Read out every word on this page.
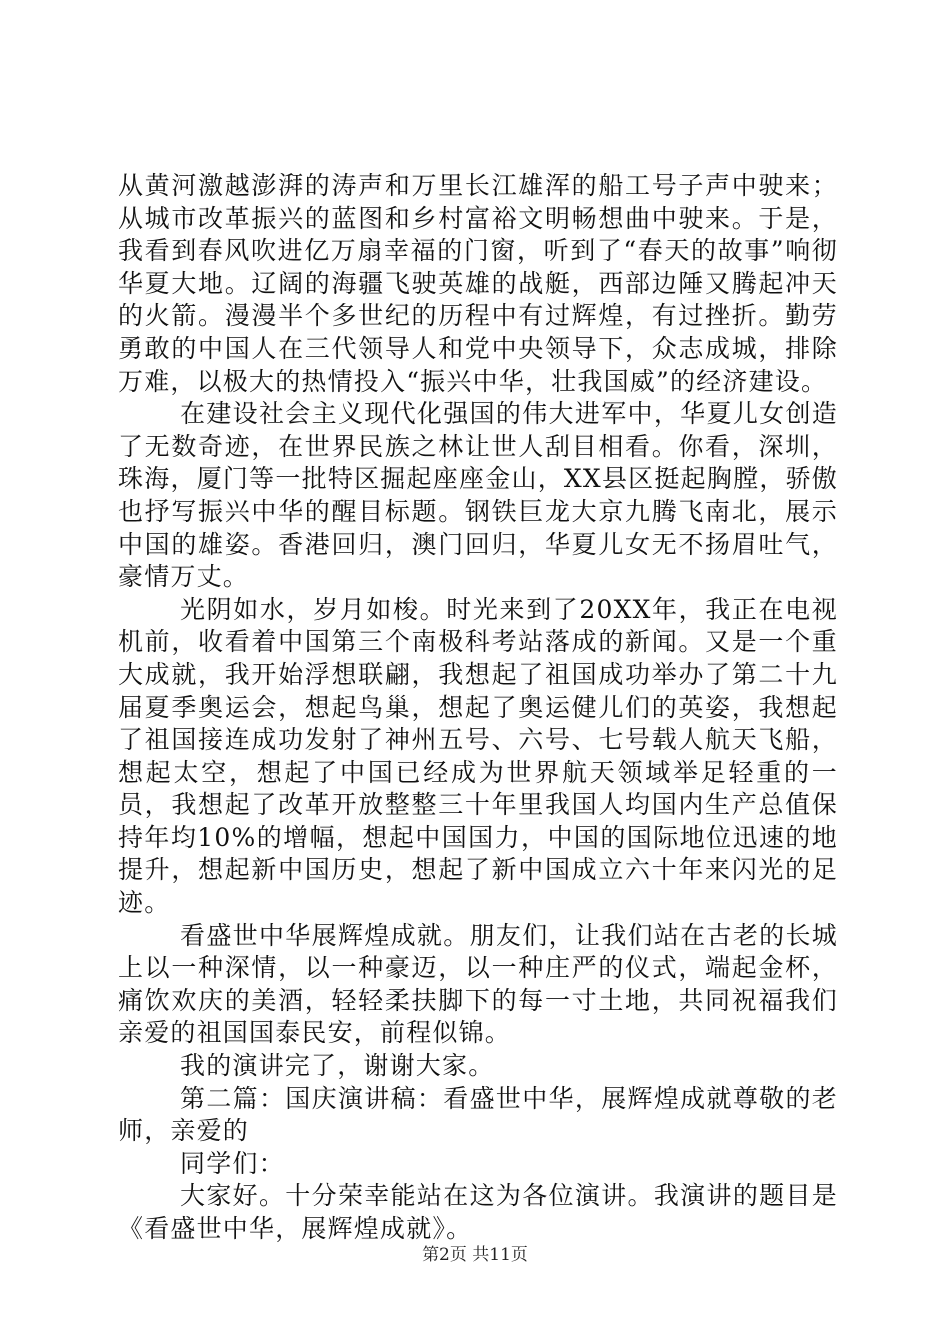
从黄河激越澎湃的涛声和万里长江雄浑的船工号子声中驶来；从城市改革振兴的蓝图和乡村富裕文明畅想曲中驶来。于是，我看到春风吹进亿万扇幸福的门窗，听到了“春天的故事”响彻华夏大地。辽阔的海疆飞驶英雄的战艇，西部边陲又腾起冲天的火箭。漫漫半个多世纪的历程中有过辉煌，有过挫折。勤劳勇敢的中国人在三代领导人和党中央领导下，众志成城，排除万难，以极大的热情投入“振兴中华，壮我国威”的经济建设。

在建设社会主义现代化强国的伟大进军中，华夏儿女创造了无数奇迹，在世界民族之林让世人刮目相看。你看，深圳，珠海，厦门等一批特区掘起座座金山，XX县区挺起胸膛，骄傲也抒写振兴中华的醒目标题。钢铁巨龙大京九腾飞南北，展示中国的雄姿。香港回归，澳门回归，华夏儿女无不扬眉吐气，豪情万丈。

光阴如水，岁月如梭。时光来到了20XX年，我正在电视机前，收看着中国第三个南极科考站落成的新闻。又是一个重大成就，我开始浮想联翩，我想起了祖国成功举办了第二十九届夏季奥运会，想起鸟巢，想起了奥运健儿们的英姿，我想起了祖国接连成功发射了神州五号、六号、七号载人航天飞船，想起太空，想起了中国已经成为世界航天领域举足轻重的一员，我想起了改革开放整整三十年里我国人均国内生产总值保持年均10%的增幅，想起中国国力，中国的国际地位迅速的地提升，想起新中国历史，想起了新中国成立六十年来闪光的足迹。

看盛世中华展辉煌成就。朋友们，让我们站在古老的长城上以一种深情，以一种豪迈，以一种庄严的仪式，端起金杯，痛饮欢庆的美酒，轻轻柔扶脚下的每一寸土地，共同祝福我们亲爱的祖国国泰民安，前程似锦。

我的演讲完了，谢谢大家。

第二篇：国庆演讲稿：看盛世中华，展辉煌成就尊敬的老师，亲爱的

同学们：

大家好。十分荣幸能站在这为各位演讲。我演讲的题目是《看盛世中华，展辉煌成就》。

第2页 共11页
